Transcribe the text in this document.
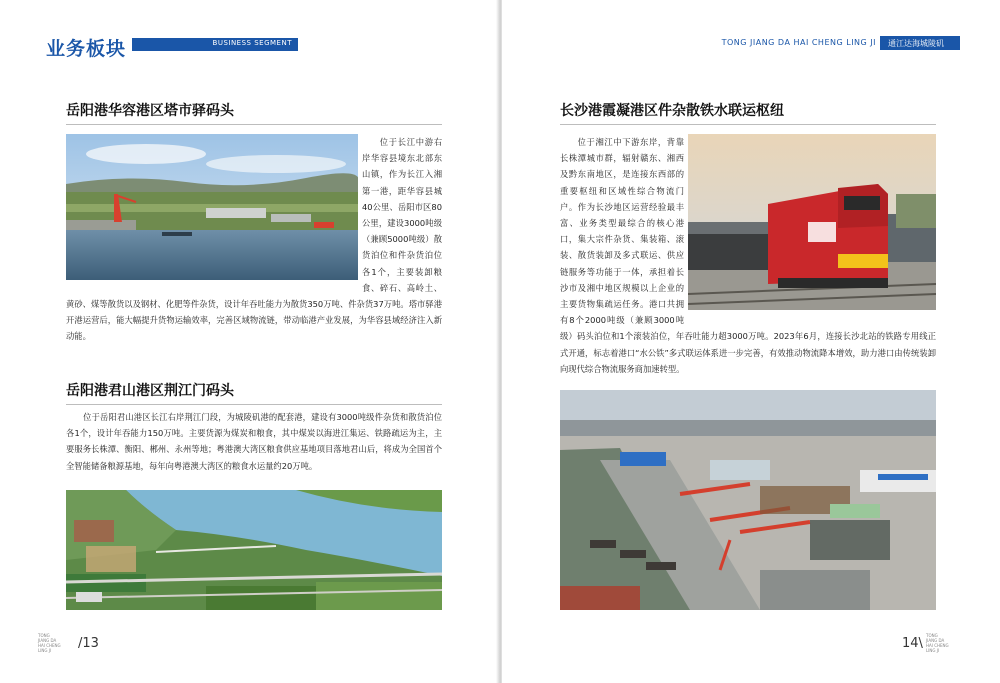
业务板块	BUSINESS SEGMENT
岳阳港华容港区塔市驿码头

位于长江中游右岸华容县境东北部东山镇，作为长江入湘第一港，距华容县城40公里、岳阳市区80公里，建设3000吨级（兼顾5000吨级）散货泊位和件杂货泊位各1个，主要装卸粮食、碎石、高岭土、黄砂、煤等散货以及钢材、化肥等件杂货，设计年吞吐能力为散货350万吨、件杂货37万吨。塔市驿港开港运营后，能大幅提升货物运输效率，完善区域物流链，带动临港产业发展，为华容县域经济注入新动能。

岳阳港君山港区荆江门码头

位于岳阳君山港区长江右岸荆江门段，为城陵矶港的配套港，建设有3000吨级件杂货和散货泊位各1个，设计年吞能力150万吨。主要货源为煤炭和粮食，其中煤炭以海进江集运、铁路疏运为主，主要服务长株潭、衡阳、郴州、永州等地；粤港澳大湾区粮食供应基地项目落地君山后，将成为全国首个全智能储备粮源基地，每年向粤港澳大湾区的粮食水运量约20万吨。

TONG JIANG DA HAI CHENG LING JI	/13
TONG JIANG DA HAI CHENG LING JI 通江达海城陵矶
长沙港霞凝港区件杂散铁水联运枢纽

位于湘江中下游东岸，背靠长株潭城市群，辐射赣东、湘西及黔东南地区，是连接东西部的重要枢纽和区域性综合物流门户。作为长沙地区运营经验最丰富、业务类型最综合的核心港口，集大宗件杂货、集装箱、滚装、散货装卸及多式联运、供应链服务等功能于一体，承担着长沙市及湘中地区规模以上企业的主要货物集疏运任务。港口共拥有8个2000吨级（兼顾3000吨级）码头泊位和1个滚装泊位，年吞吐能力超3000万吨。2023年6月，连接长沙北站的铁路专用线正式开通，标志着港口“水公铁”多式联运体系进一步完善，有效推动物流降本增效，助力港口由传统装卸向现代综合物流服务商加速转型。

14\
TONG JIANG DA HAI CHENG LING JI
